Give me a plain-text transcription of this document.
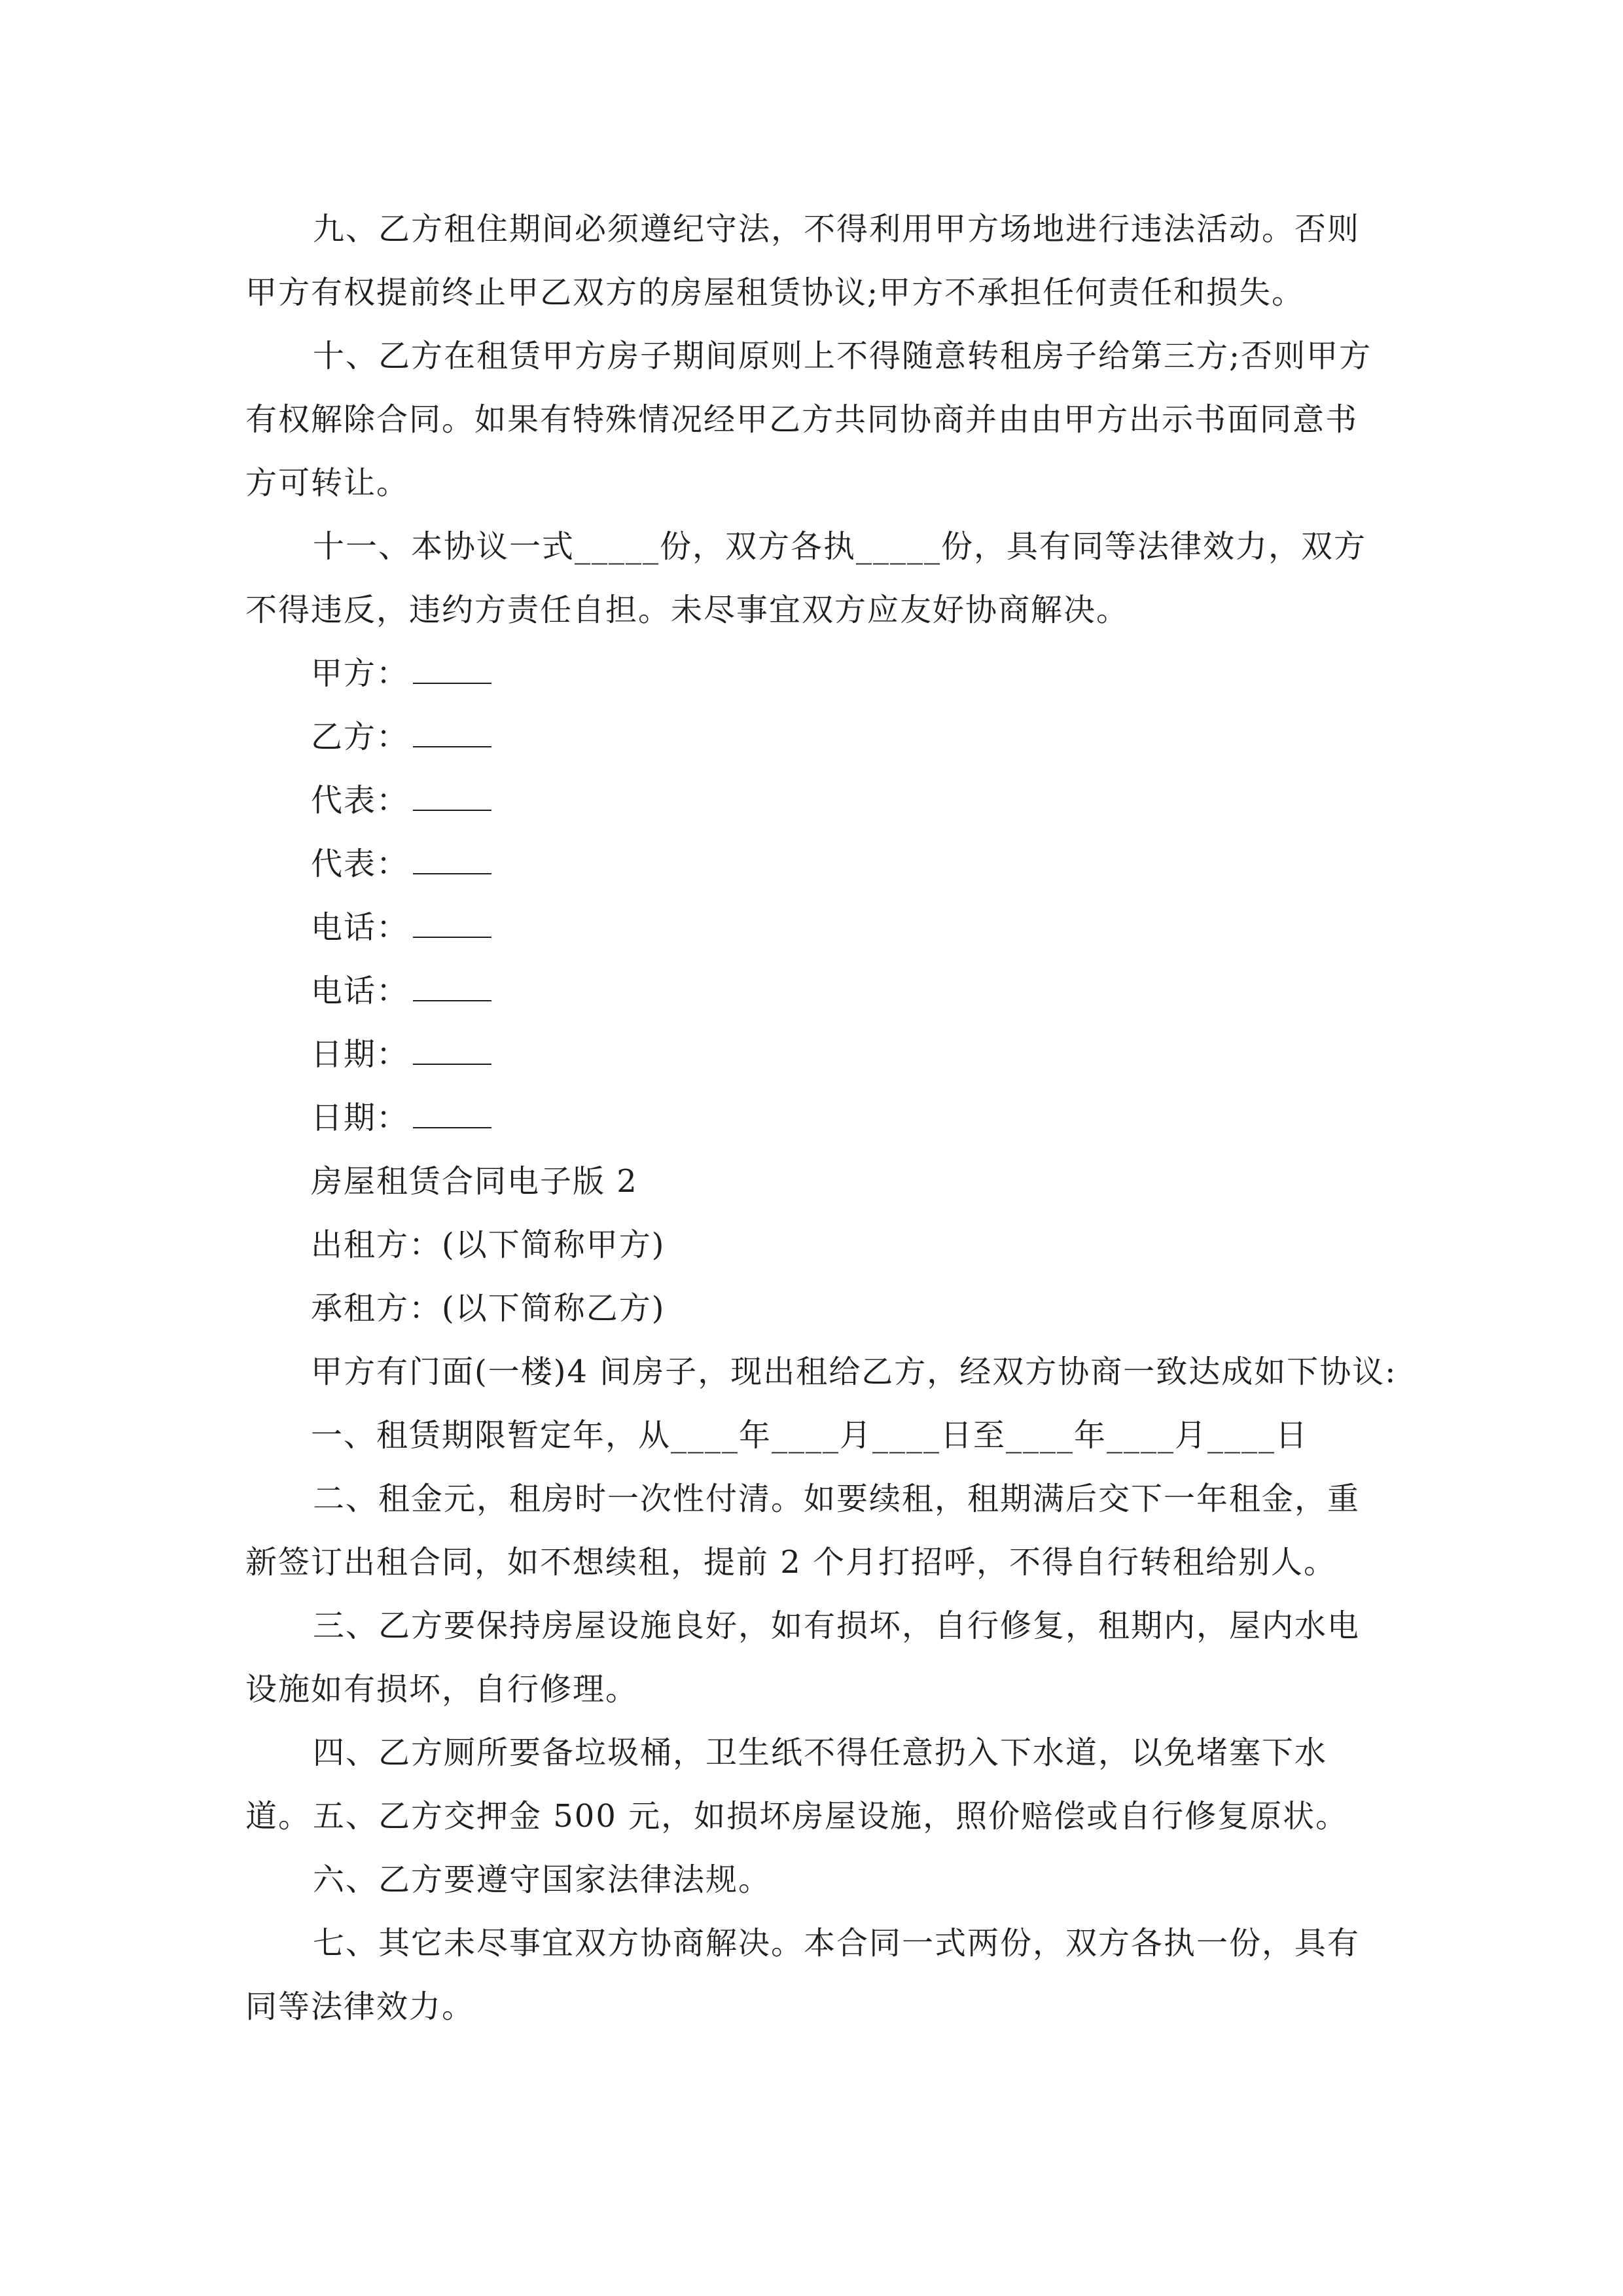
九、乙方租住期间必须遵纪守法，不得利用甲方场地进行违法活动。否则甲方有权提前终止甲乙双方的房屋租赁协议;甲方不承担任何责任和损失。

十、乙方在租赁甲方房子期间原则上不得随意转租房子给第三方;否则甲方有权解除合同。如果有特殊情况经甲乙方共同协商并由由甲方出示书面同意书方可转让。

十一、本协议一式_____份，双方各执_____份，具有同等法律效力，双方不得违反，违约方责任自担。未尽事宜双方应友好协商解决。

甲方：
乙方：
代表：
代表：
电话：
电话：
日期：
日期：
房屋租赁合同电子版 2
出租方：(以下简称甲方)
承租方：(以下简称乙方)
甲方有门面(一楼)4 间房子，现出租给乙方，经双方协商一致达成如下协议:
一、租赁期限暂定年，从____年____月____日至____年____月____日

二、租金元，租房时一次性付清。如要续租，租期满后交下一年租金，重新签订出租合同，如不想续租，提前 2 个月打招呼，不得自行转租给别人。

三、乙方要保持房屋设施良好，如有损坏，自行修复，租期内，屋内水电设施如有损坏，自行修理。

四、乙方厕所要备垃圾桶，卫生纸不得任意扔入下水道，以免堵塞下水道。 五、乙方交押金 500 元，如损坏房屋设施，照价赔偿或自行修复原状。

六、乙方要遵守国家法律法规。

七、其它未尽事宜双方协商解决。本合同一式两份，双方各执一份，具有同等法律效力。
